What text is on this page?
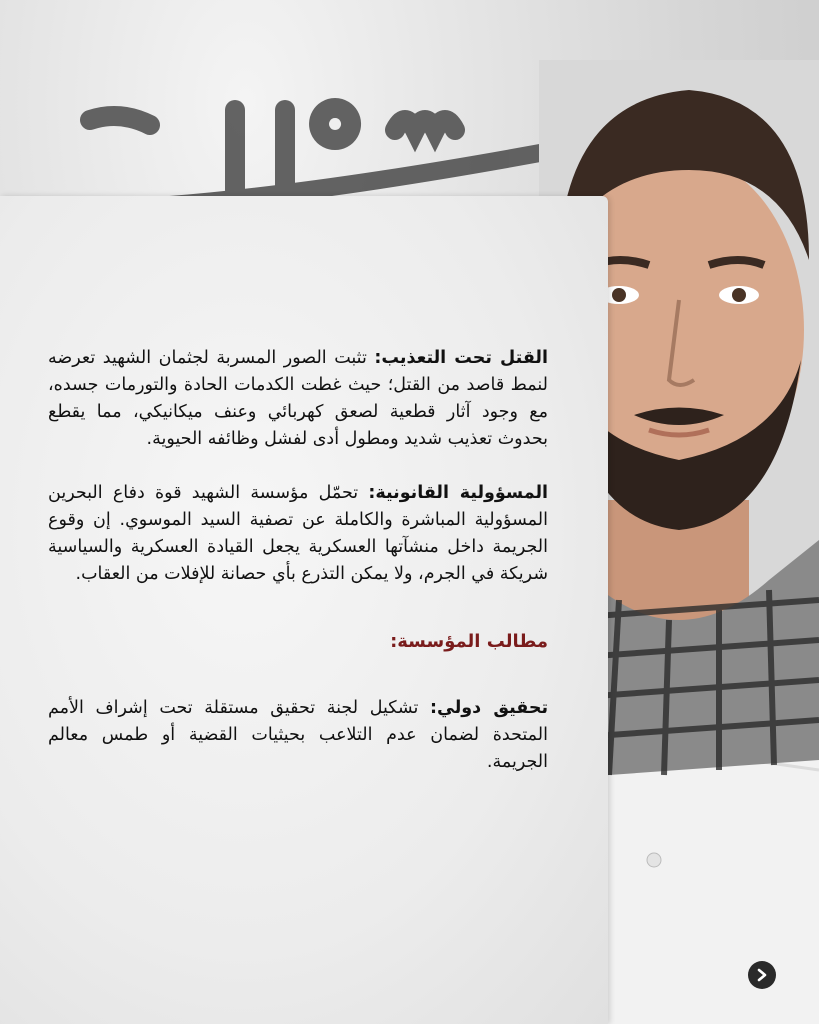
القتل تحت التعذيب: تثبت الصور المسربة لجثمان الشهيد تعرضه لنمط قاصد من القتل؛ حيث غطت الكدمات الحادة والتورمات جسده، مع وجود آثار قطعية لصعق كهربائي وعنف ميكانيكي، مما يقطع بحدوث تعذيب شديد ومطول أدى لفشل وظائفه الحيوية.

المسؤولية القانونية: تحمّل مؤسسة الشهيد قوة دفاع البحرين المسؤولية المباشرة والكاملة عن تصفية السيد الموسوي. إن وقوع الجريمة داخل منشآتها العسكرية يجعل القيادة العسكرية والسياسية شريكة في الجرم، ولا يمكن التذرع بأي حصانة للإفلات من العقاب.

مطالب المؤسسة:

تحقيق دولي: تشكيل لجنة تحقيق مستقلة تحت إشراف الأمم المتحدة لضمان عدم التلاعب بحيثيات القضية أو طمس معالم الجريمة.
